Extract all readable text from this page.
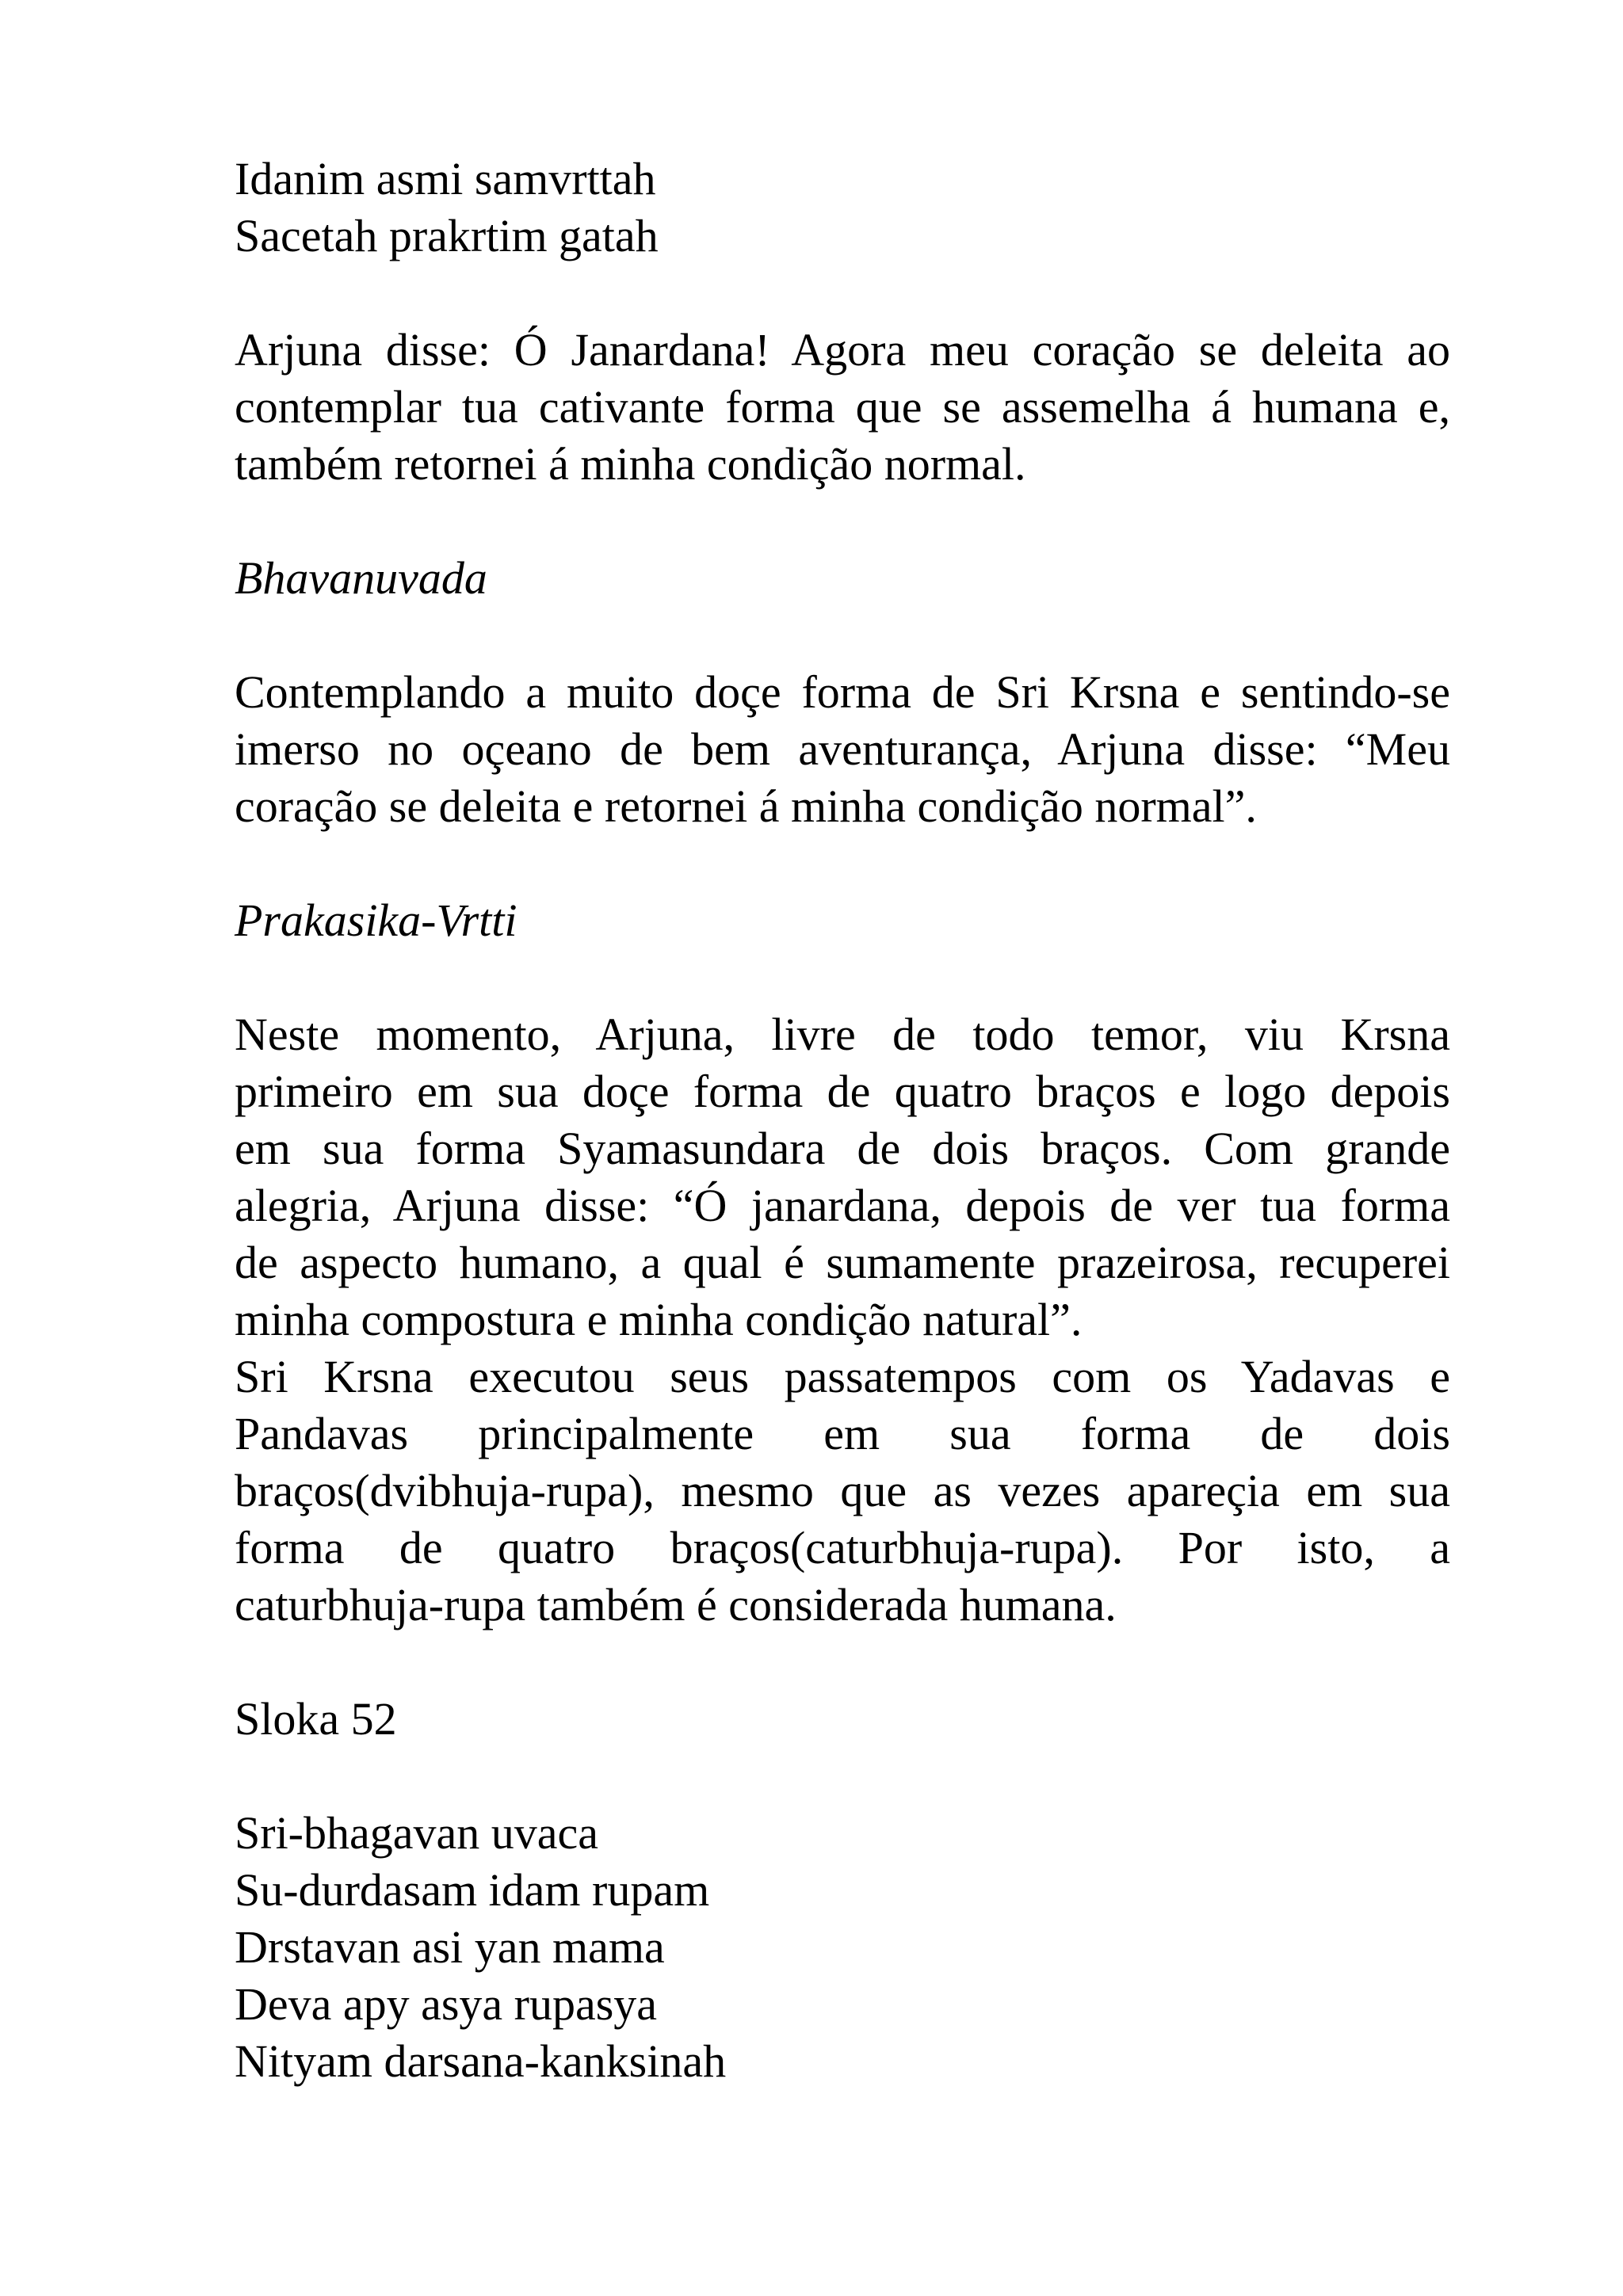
Idanim asmi samvrttah
Sacetah prakrtim gatah
Arjuna disse: Ó Janardana! Agora meu coração se deleita ao
contemplar tua cativante forma que se assemelha á humana e,
também retornei á minha condição normal.
Bhavanuvada
Contemplando a muito doçe forma de Sri Krsna e sentindo-se
imerso no oçeano de bem aventurança, Arjuna disse: “Meu
coração se deleita e retornei á minha condição normal”.
Prakasika-Vrtti
Neste momento, Arjuna, livre de todo temor, viu Krsna
primeiro em sua doçe forma de quatro braços e logo depois
em sua forma Syamasundara de dois braços. Com grande
alegria, Arjuna disse: “Ó janardana, depois de ver tua forma
de aspecto humano, a qual é sumamente prazeirosa, recuperei
minha compostura e minha condição natural”.
Sri Krsna executou seus passatempos com os Yadavas e
Pandavas principalmente em sua forma de dois
braços(dvibhuja-rupa), mesmo que as vezes apareçia em sua
forma de quatro braços(caturbhuja-rupa). Por isto, a
caturbhuja-rupa também é considerada humana.
Sloka 52
Sri-bhagavan uvaca
Su-durdasam idam rupam
Drstavan asi yan mama
Deva apy asya rupasya
Nityam darsana-kanksinah
